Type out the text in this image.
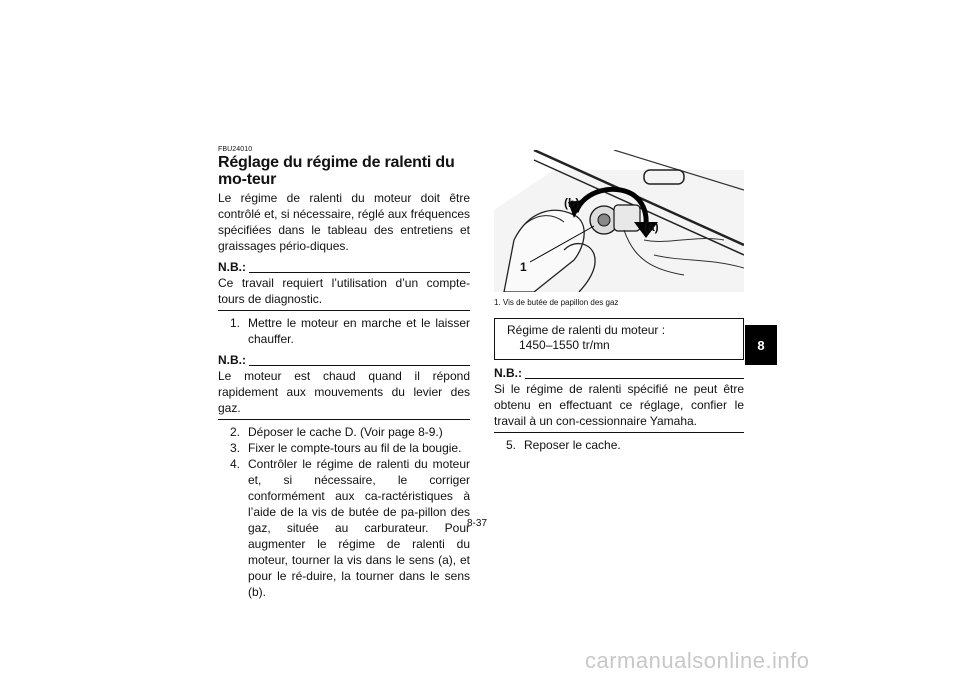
FBU24010
Réglage du régime de ralenti du mo-teur

Le régime de ralenti du moteur doit être contrôlé et, si nécessaire, réglé aux fréquences spécifiées dans le tableau des entretiens et graissages pério-diques.

N.B.:

Ce travail requiert l’utilisation d’un compte-tours de diagnostic.

1. Mettre le moteur en marche et le laisser chauffer.
N.B.:

Le moteur est chaud quand il répond rapidement aux mouvements du levier des gaz.

2. Déposer le cache D. (Voir page 8-9.)
3. Fixer le compte-tours au fil de la bougie.
4. Contrôler le régime de ralenti du moteur et, si nécessaire, le corriger conformément aux ca-ractéristiques à l’aide de la vis de butée de pa-pillon des gaz, située au carburateur. Pour augmenter le régime de ralenti du moteur, tourner la vis dans le sens (a), et pour le ré-duire, la tourner dans le sens (b).
(b)
(a)
1
1. Vis de butée de papillon des gaz
Régime de ralenti du moteur :
1450–1550 tr/mn
N.B.:

Si le régime de ralenti spécifié ne peut être obtenu en effectuant ce réglage, confier le travail à un con-cessionnaire Yamaha.

5. Reposer le cache.
8-37
8
carmanualsonline.info
